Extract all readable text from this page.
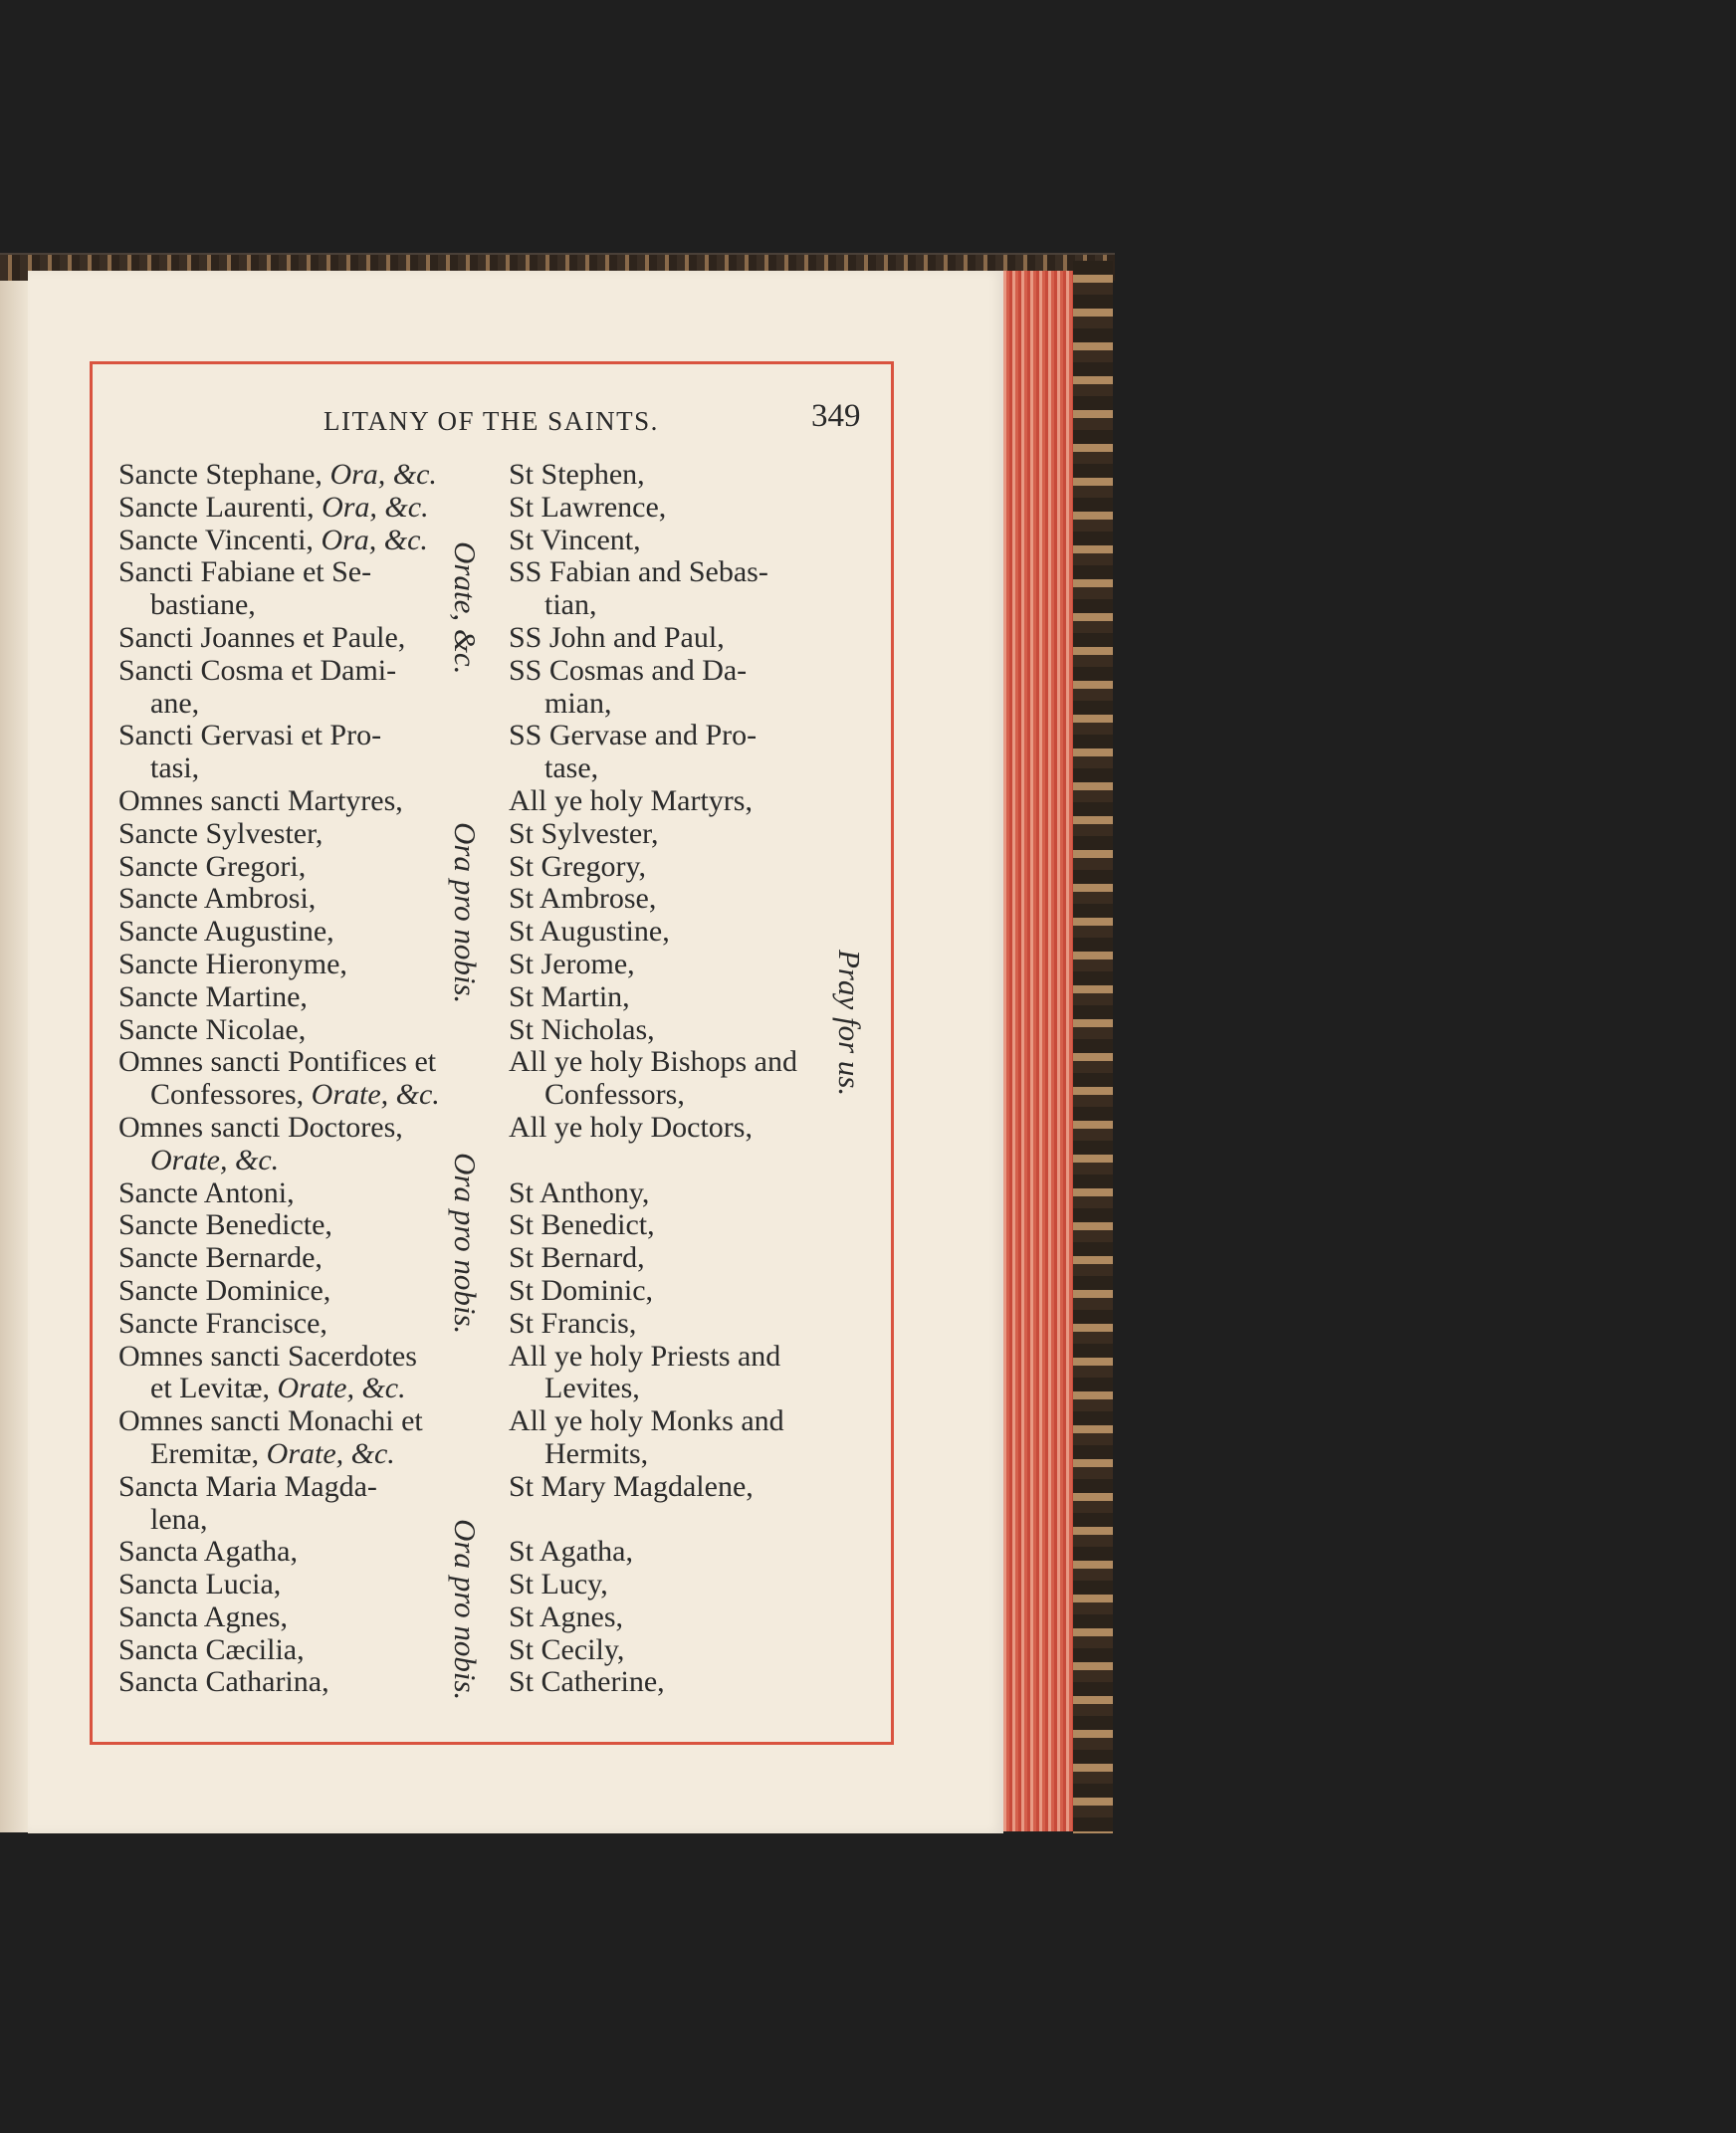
LITANY OF THE SAINTS.	349
Sancte Stephane, Ora, &c.
Sancte Laurenti, Ora, &c.
Sancte Vincenti, Ora, &c.
Sancti Fabiane et Se-
bastiane,
Sancti Joannes et Paule,
Sancti Cosma et Dami-
ane,
Sancti Gervasi et Pro-
tasi,
Omnes sancti Martyres,
Sancte Sylvester,
Sancte Gregori,
Sancte Ambrosi,
Sancte Augustine,
Sancte Hieronyme,
Sancte Martine,
Sancte Nicolae,
Omnes sancti Pontifices et
Confessores, Orate, &c.
Omnes sancti Doctores,
Orate, &c.
Sancte Antoni,
Sancte Benedicte,
Sancte Bernarde,
Sancte Dominice,
Sancte Francisce,
Omnes sancti Sacerdotes
et Levitæ, Orate, &c.
Omnes sancti Monachi et
Eremitæ, Orate, &c.
Sancta Maria Magda-
lena,
Sancta Agatha,
Sancta Lucia,
Sancta Agnes,
Sancta Cæcilia,
Sancta Catharina,
St Stephen,
St Lawrence,
St Vincent,
SS Fabian and Sebas-
tian,
SS John and Paul,
SS Cosmas and Da-
mian,
SS Gervase and Pro-
tase,
All ye holy Martyrs,
St Sylvester,
St Gregory,
St Ambrose,
St Augustine,
St Jerome,
St Martin,
St Nicholas,
All ye holy Bishops and
Confessors,
All ye holy Doctors,
St Anthony,
St Benedict,
St Bernard,
St Dominic,
St Francis,
All ye holy Priests and
Levites,
All ye holy Monks and
Hermits,
St Mary Magdalene,
St Agatha,
St Lucy,
St Agnes,
St Cecily,
St Catherine,
Orate, &c.
Ora pro nobis.
Ora pro nobis.
Ora pro nobis.
Pray for us.
